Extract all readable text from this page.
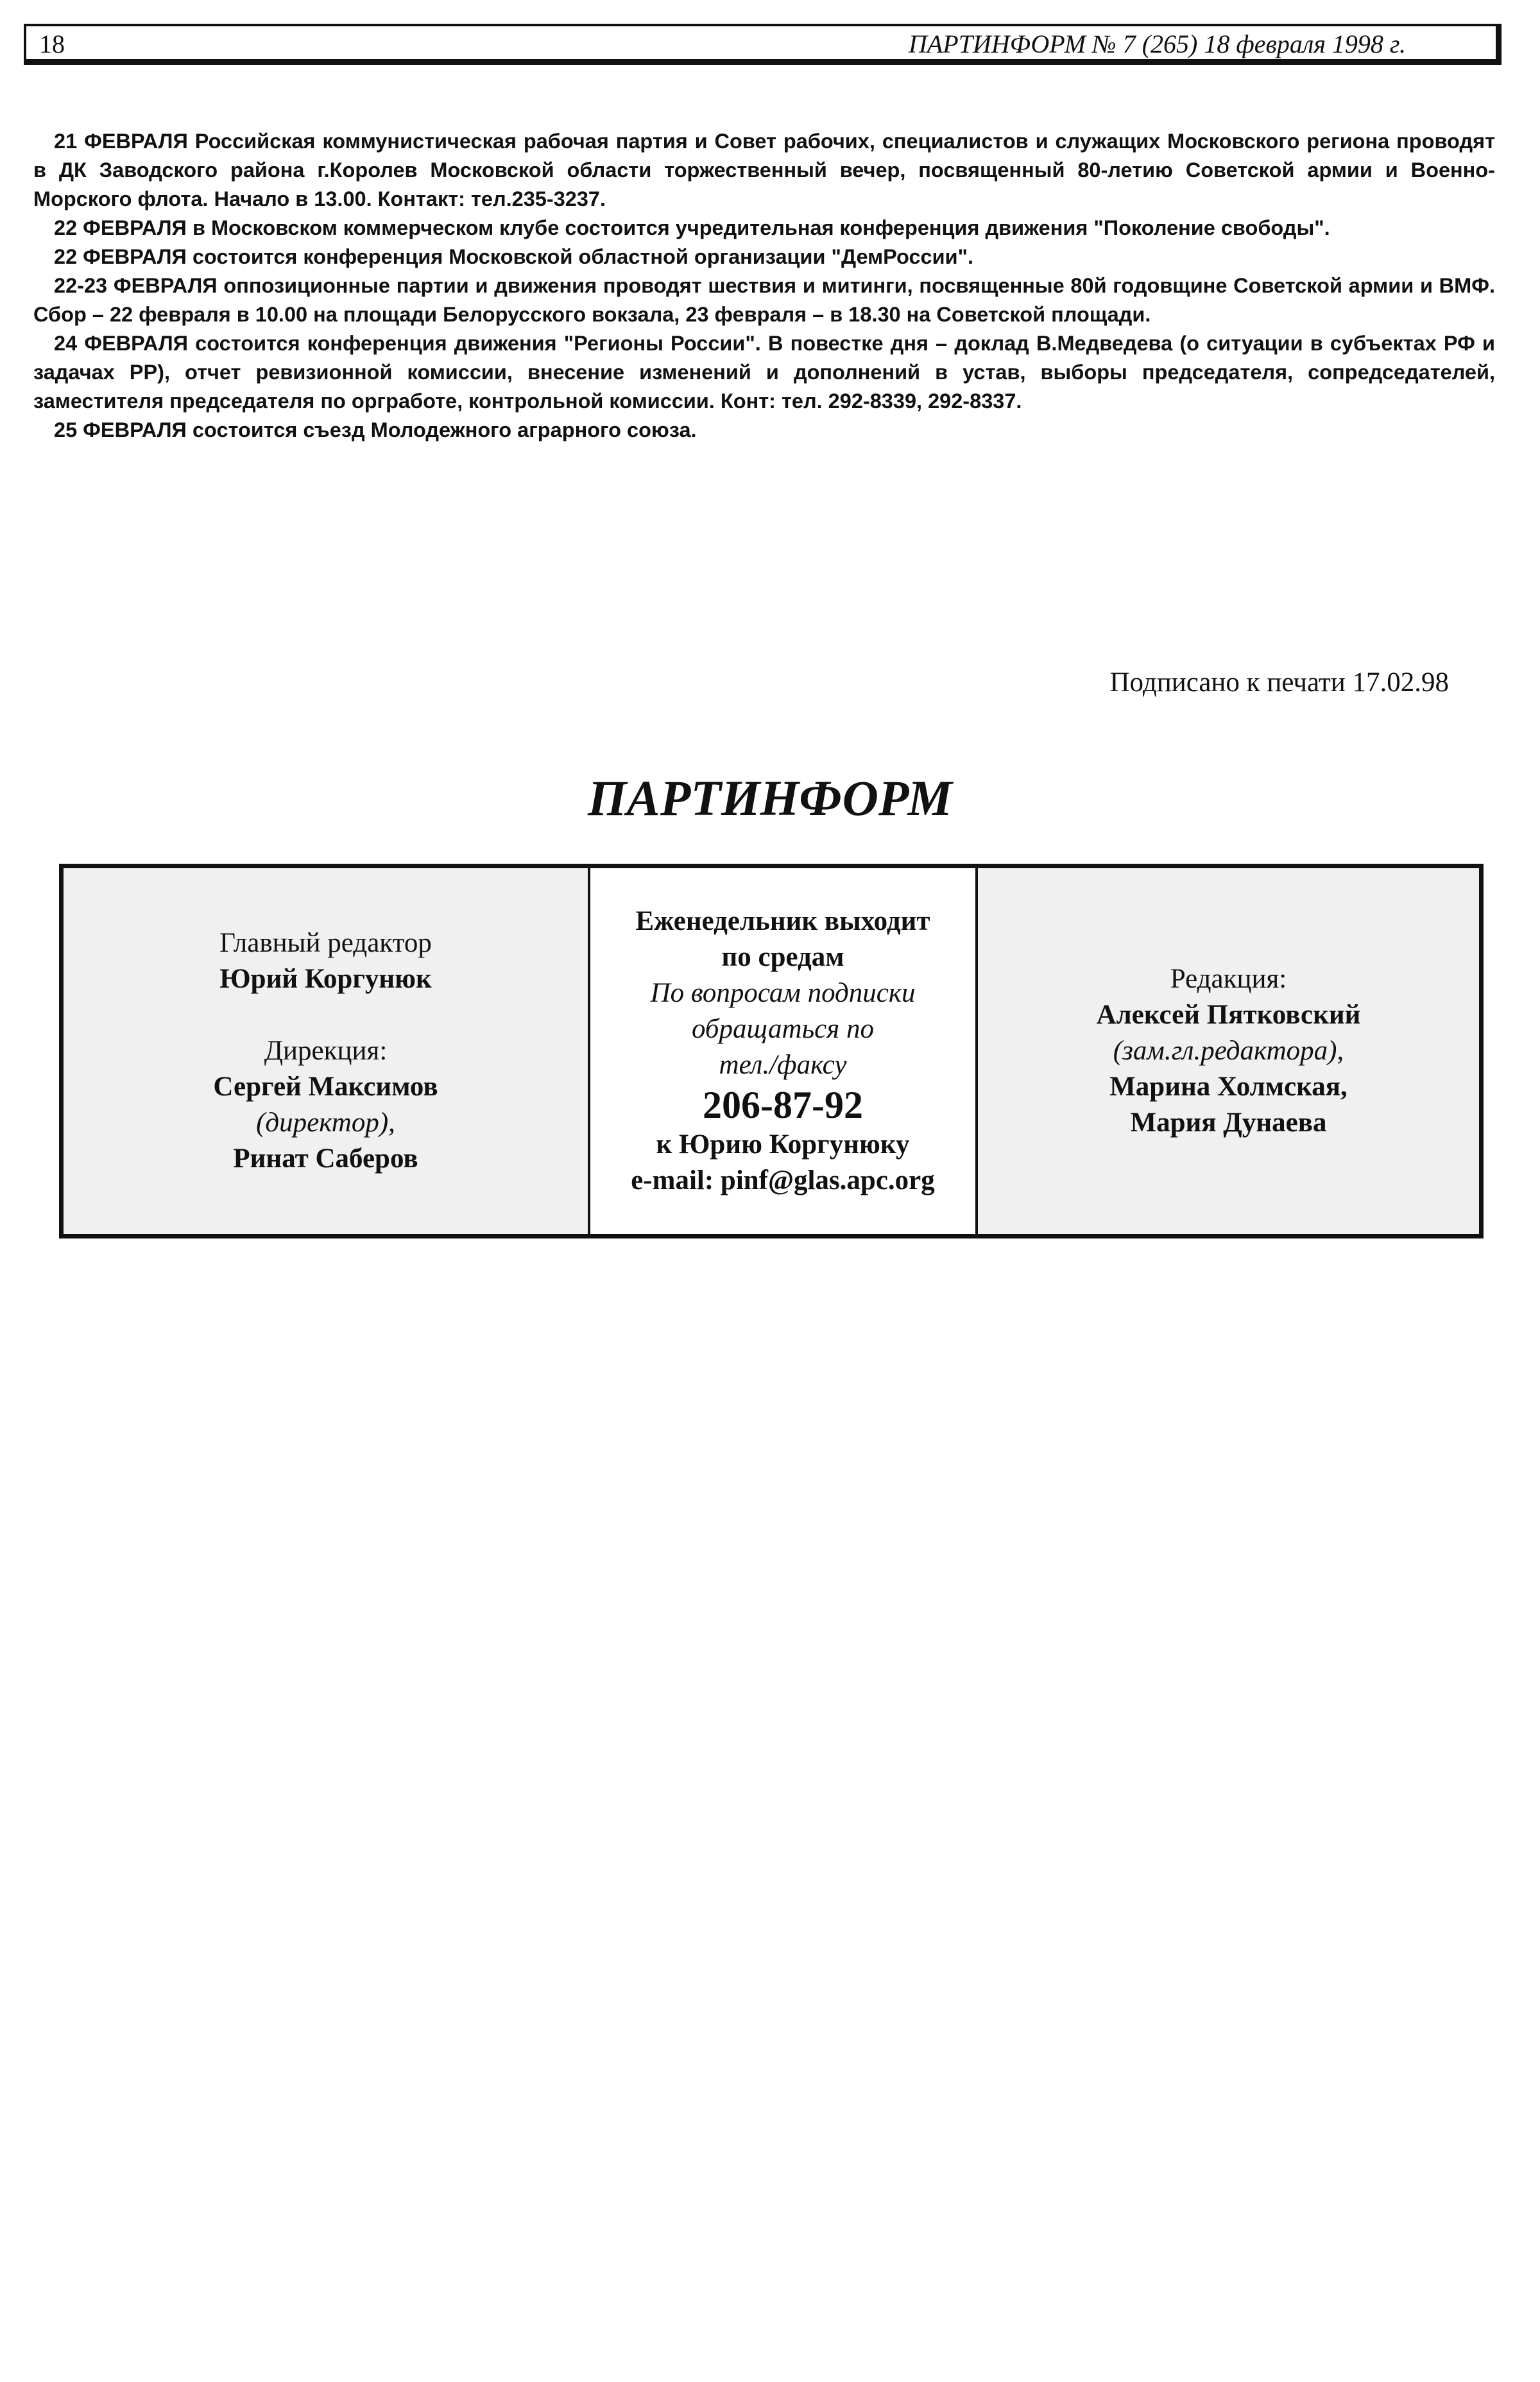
18	ПАРТИНФОРМ № 7 (265) 18 февраля 1998 г.

21 ФЕВРАЛЯ Российская коммунистическая рабочая партия и Совет рабочих, специалистов и служащих Московского региона проводят в ДК Заводского района г.Королев Московской области торжественный вечер, посвященный 80-летию Советской армии и Военно-Морского флота. Начало в 13.00. Контакт: тел.235-3237.

22 ФЕВРАЛЯ в Московском коммерческом клубе состоится учредительная конференция движения "Поколение свободы".

22 ФЕВРАЛЯ состоится конференция Московской областной организации "ДемРоссии".

22-23 ФЕВРАЛЯ оппозиционные партии и движения проводят шествия и митинги, посвященные 80й годовщине Советской армии и ВМФ. Сбор – 22 февраля в 10.00 на площади Белорусского вокзала, 23 февраля – в 18.30 на Советской площади.

24 ФЕВРАЛЯ состоится конференция движения "Регионы России". В повестке дня – доклад В.Медведева (о ситуации в субъектах РФ и задачах РР), отчет ревизионной комиссии, внесение изменений и дополнений в устав, выборы председателя, сопредседателей, заместителя председателя по оргработе, контрольной комиссии. Конт: тел. 292-8339, 292-8337.

25 ФЕВРАЛЯ состоится съезд Молодежного аграрного союза.

Подписано к печати 17.02.98
ПАРТИНФОРМ
Главный редактор
Юрий Коргунюк
Дирекция:
Сергей Максимов
(директор),
Ринат Саберов
Еженедельник выходит
по средам
По вопросам подписки
обращаться по
тел./факсу
206-87-92
к Юрию Коргунюку
e-mail: pinf@glas.apc.org
Редакция:
Алексей Пятковский
(зам.гл.редактора),
Марина Холмская,
Мария Дунаева
